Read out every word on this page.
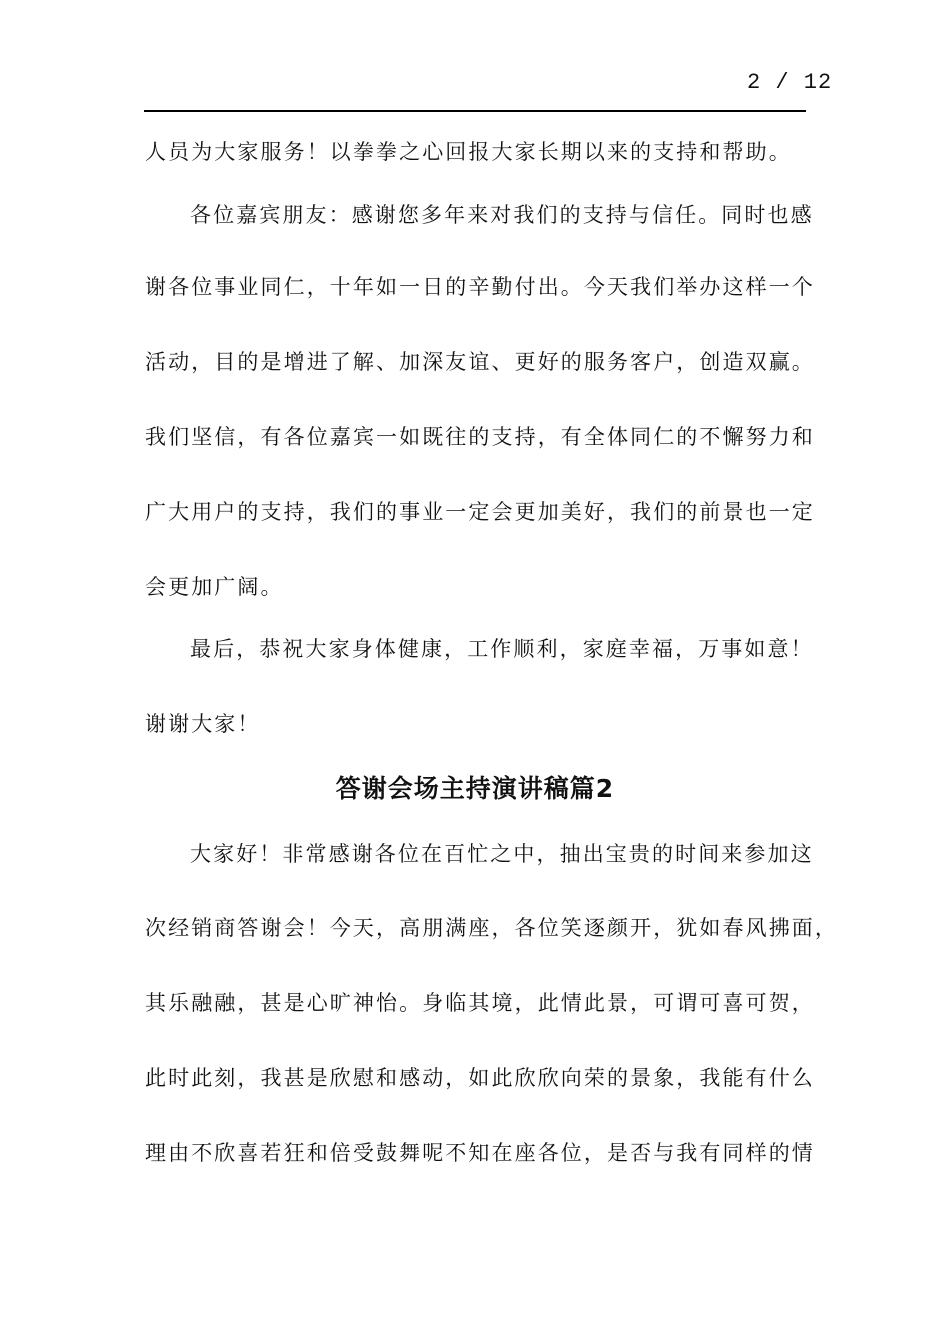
2 / 12
人员为大家服务！以拳拳之心回报大家长期以来的支持和帮助。
各位嘉宾朋友：感谢您多年来对我们的支持与信任。同时也感
谢各位事业同仁，十年如一日的辛勤付出。今天我们举办这样一个
活动，目的是增进了解、加深友谊、更好的服务客户，创造双赢。
我们坚信，有各位嘉宾一如既往的支持，有全体同仁的不懈努力和
广大用户的支持，我们的事业一定会更加美好，我们的前景也一定
会更加广阔。
最后，恭祝大家身体健康，工作顺利，家庭幸福，万事如意！
谢谢大家！
答谢会场主持演讲稿篇2
大家好！非常感谢各位在百忙之中，抽出宝贵的时间来参加这
次经销商答谢会！今天，高朋满座，各位笑逐颜开，犹如春风拂面，
其乐融融，甚是心旷神怡。身临其境，此情此景，可谓可喜可贺，
此时此刻，我甚是欣慰和感动，如此欣欣向荣的景象，我能有什么
理由不欣喜若狂和倍受鼓舞呢不知在座各位，是否与我有同样的情
